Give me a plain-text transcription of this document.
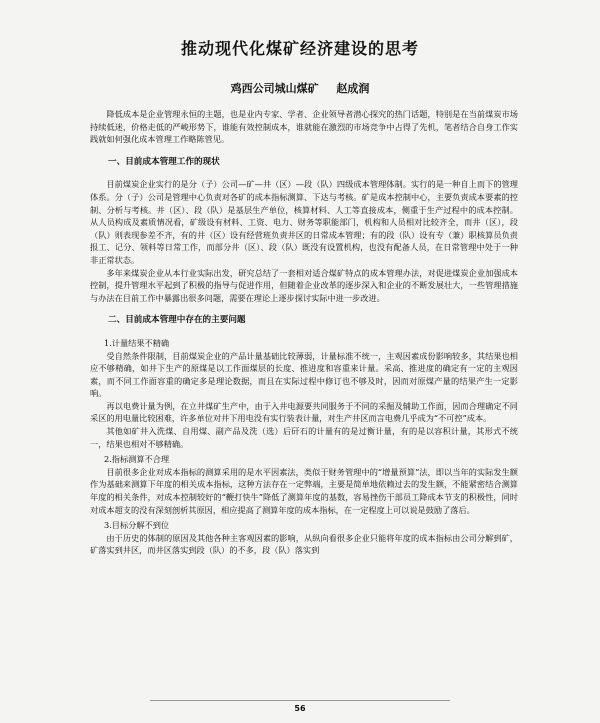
推动现代化煤矿经济建设的思考
鸡西公司城山煤矿 赵成润

降低成本是企业管理永恒的主题，也是业内专家、学者、企业领导者潜心探究的热门话题，特别是在当前煤炭市场持续低迷，价格走低的严峻形势下，谁能有效控制成本，谁就能在激烈的市场竞争中占得了先机，笔者结合自身工作实践就如何强化成本管理工作略陈管见。

一、目前成本管理工作的现状

目前煤炭企业实行的是分（子）公司—矿—井（区）—段（队）四级成本管理体制。实行的是一种自上而下的管理体系。分（子）公司是管理中心负责对各矿的成本指标测算、下达与考核。矿是成本控制中心，主要负责成本要素的控制、分析与考核。井（区）、段（队）是基层生产单位，核算材料、人工等直接成本，侧重于生产过程中的成本控制。从人员构成及素质情况看，矿级设有材料、工资、电力、财务等职能部门，机构和人员相对比较齐全，而井（区），段（队）则表现参差不齐，有的井（区）设有经营班负责井区的日常成本管理；有的段（队）设有专（兼）职核算员负责报工、记分、领料等日常工作，而部分井（区）、段（队）既没有设置机构，也没有配备人员，在日常管理中处于一种非正常状态。

多年来煤炭企业从本行业实际出发，研究总结了一套相对适合煤矿特点的成本管理办法，对促进煤炭企业加强成本控制，提升管理水平起到了积极的指导与促进作用，但随着企业改革的逐步深入和企业的不断发展壮大，一些管理措施与办法在目前工作中暴露出很多问题，需要在理论上逐步探讨实际中进一步改进。

二、目前成本管理中存在的主要问题

1.计量结果不精确

受自然条件限制，目前煤炭企业的产品计量基础比较薄弱，计量标准不统一，主观因素成份影响较多，其结果也相应不够精确，如井下生产的原煤是以工作面煤层的长度、推进度和容重来计量。采高、推进度的确定有一定的主观因素，而不同工作面容重的确定多是理论数据，而且在实际过程中修订也不够及时，因而对原煤产量的结果产生一定影响。

再以电费计量为例，在立井煤矿生产中，由于入井电源要共同服务于不同的采掘及辅助工作面，因而合理确定不同采区的用电量比较困难，许多单位对井下用电没有实行装表计量，对生产井区而言电费几乎成为“不可控”成本。

其他如矿井入洗煤、自用煤、副产品及洗（选）后矸石的计量有的是过衡计量，有的是以容积计量，其形式不统一，结果也相对不够精确。

2.指标测算不合理

目前很多企业对成本指标的测算采用的是水平因素法，类似于财务管理中的“增量预算”法，即以当年的实际发生额作为基础来测算下年度的相关成本指标，这种方法存在一定弊端，主要是简单地依赖过去的发生额，不能紧密结合测算年度的相关条件，对成本控制较好的“鞭打快牛”降低了测算年度的基数，容易挫伤干部员工降成本节支的积极性，同时对成本超支的没有深刻剖析其原因，相应提高了测算年度的成本指标，在一定程度上可以说是鼓励了落后。

3.目标分解不到位

由于历史的体制的原因及其他各种主客观因素的影响，从纵向看很多企业只能将年度的成本指标由公司分解到矿，矿落实到井区，而井区落实到段（队）的不多，段（队）落实到

56
